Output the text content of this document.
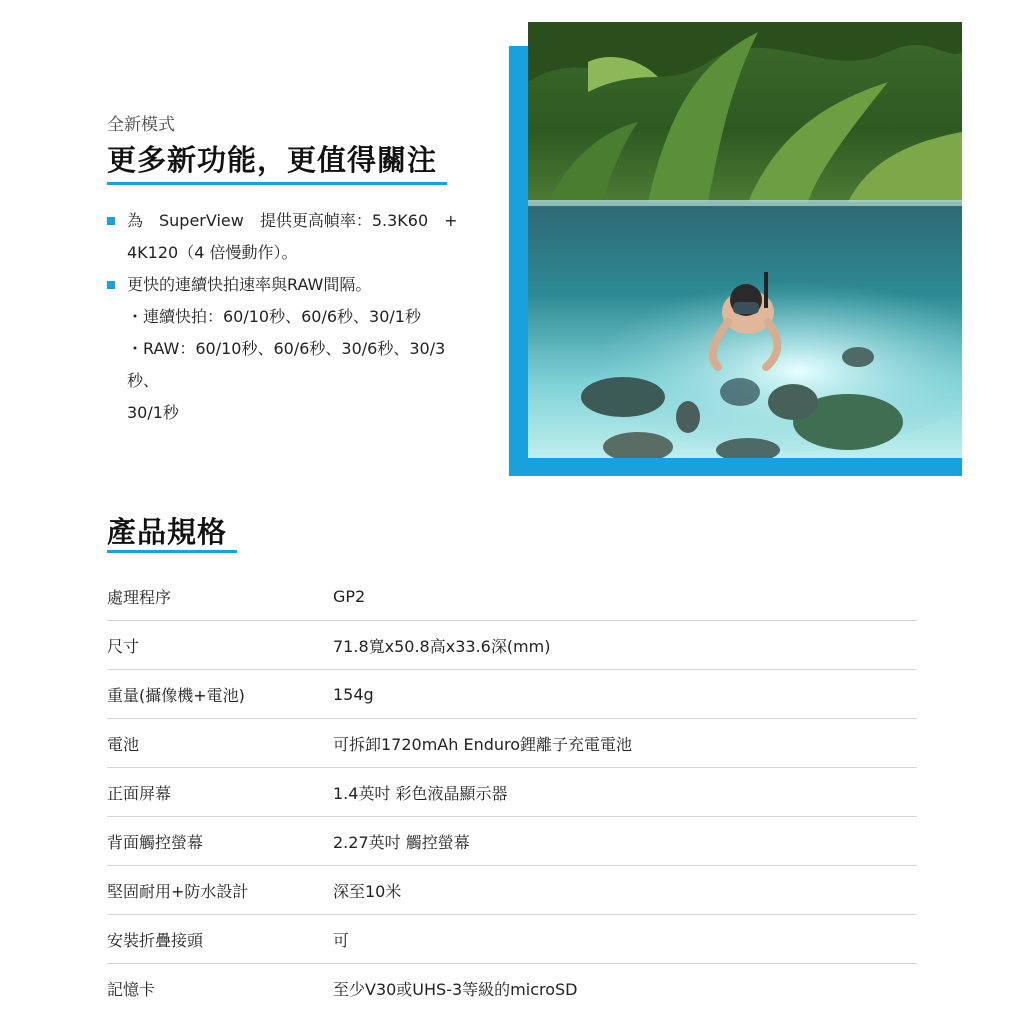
全新模式
更多新功能，更值得關注
為　SuperView　提供更高幀率：5.3K60　+
4K120（4 倍慢動作）。
更快的連續快拍速率與RAW間隔。
・連續快拍：60/10秒、60/6秒、30/1秒
・RAW：60/10秒、60/6秒、30/6秒、30/3秒、
30/1秒
產品規格
處理程序	GP2
尺寸	71.8寬x50.8高x33.6深(mm)
重量(攝像機+電池)	154g
電池	可拆卸1720mAh Enduro鋰離子充電電池
正面屏幕	1.4英吋 彩色液晶顯示器
背面觸控螢幕	2.27英吋 觸控螢幕
堅固耐用+防水設計	深至10米
安裝折疊接頭	可
記憶卡	至少V30或UHS-3等級的microSD
